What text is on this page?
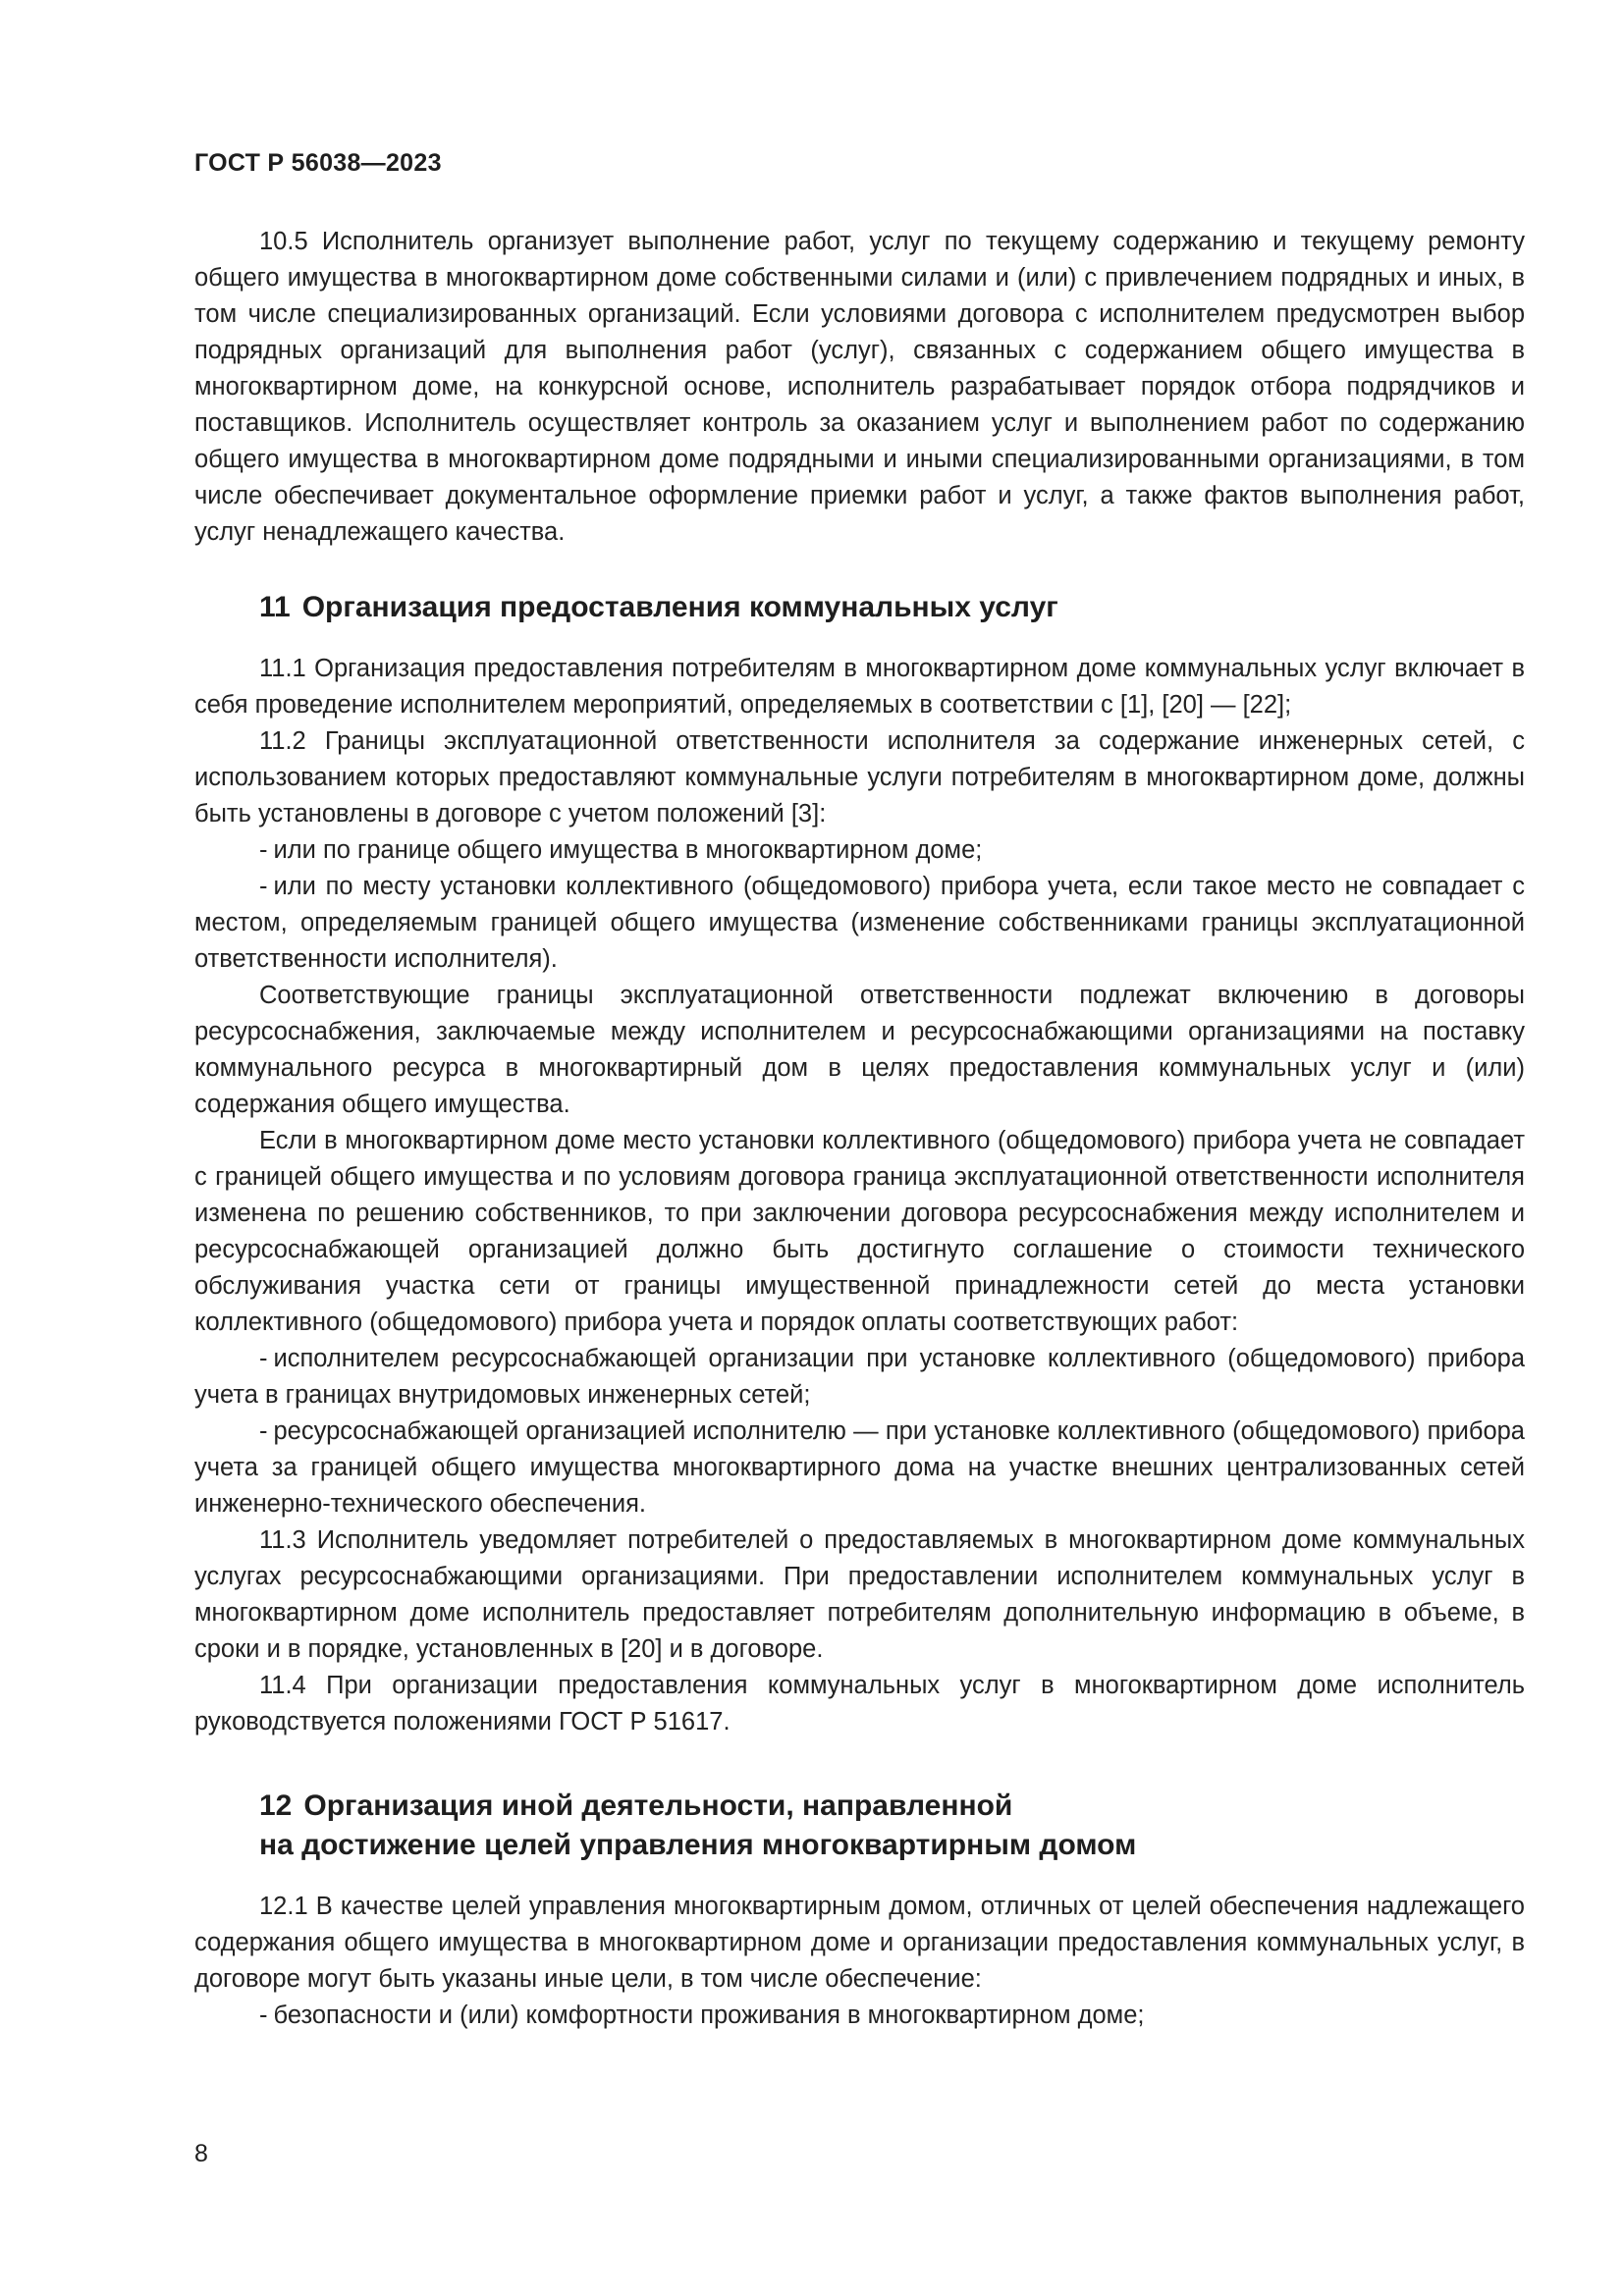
ГОСТ Р 56038—2023

10.5 Исполнитель организует выполнение работ, услуг по текущему содержанию и текущему ремонту общего имущества в многоквартирном доме собственными силами и (или) с привлечением подрядных и иных, в том числе специализированных организаций. Если условиями договора с исполнителем предусмотрен выбор подрядных организаций для выполнения работ (услуг), связанных с содержанием общего имущества в многоквартирном доме, на конкурсной основе, исполнитель разрабатывает порядок отбора подрядчиков и поставщиков. Исполнитель осуществляет контроль за оказанием услуг и выполнением работ по содержанию общего имущества в многоквартирном доме подрядными и иными специализированными организациями, в том числе обеспечивает документальное оформление приемки работ и услуг, а также фактов выполнения работ, услуг ненадлежащего качества.

11 Организация предоставления коммунальных услуг

11.1 Организация предоставления потребителям в многоквартирном доме коммунальных услуг включает в себя проведение исполнителем мероприятий, определяемых в соответствии с [1], [20] — [22];

11.2 Границы эксплуатационной ответственности исполнителя за содержание инженерных сетей, с использованием которых предоставляют коммунальные услуги потребителям в многоквартирном доме, должны быть установлены в договоре с учетом положений [3]:

- или по границе общего имущества в многоквартирном доме;

- или по месту установки коллективного (общедомового) прибора учета, если такое место не совпадает с местом, определяемым границей общего имущества (изменение собственниками границы эксплуатационной ответственности исполнителя).

Соответствующие границы эксплуатационной ответственности подлежат включению в договоры ресурсоснабжения, заключаемые между исполнителем и ресурсоснабжающими организациями на поставку коммунального ресурса в многоквартирный дом в целях предоставления коммунальных услуг и (или) содержания общего имущества.

Если в многоквартирном доме место установки коллективного (общедомового) прибора учета не совпадает с границей общего имущества и по условиям договора граница эксплуатационной ответственности исполнителя изменена по решению собственников, то при заключении договора ресурсоснабжения между исполнителем и ресурсоснабжающей организацией должно быть достигнуто соглашение о стоимости технического обслуживания участка сети от границы имущественной принадлежности сетей до места установки коллективного (общедомового) прибора учета и порядок оплаты соответствующих работ:

- исполнителем ресурсоснабжающей организации при установке коллективного (общедомового) прибора учета в границах внутридомовых инженерных сетей;

- ресурсоснабжающей организацией исполнителю — при установке коллективного (общедомового) прибора учета за границей общего имущества многоквартирного дома на участке внешних централизованных сетей инженерно-технического обеспечения.

11.3 Исполнитель уведомляет потребителей о предоставляемых в многоквартирном доме коммунальных услугах ресурсоснабжающими организациями. При предоставлении исполнителем коммунальных услуг в многоквартирном доме исполнитель предоставляет потребителям дополнительную информацию в объеме, в сроки и в порядке, установленных в [20] и в договоре.

11.4 При организации предоставления коммунальных услуг в многоквартирном доме исполнитель руководствуется положениями ГОСТ Р 51617.

12 Организация иной деятельности, направленной
на достижение целей управления многоквартирным домом

12.1 В качестве целей управления многоквартирным домом, отличных от целей обеспечения надлежащего содержания общего имущества в многоквартирном доме и организации предоставления коммунальных услуг, в договоре могут быть указаны иные цели, в том числе обеспечение:

- безопасности и (или) комфортности проживания в многоквартирном доме;

8
